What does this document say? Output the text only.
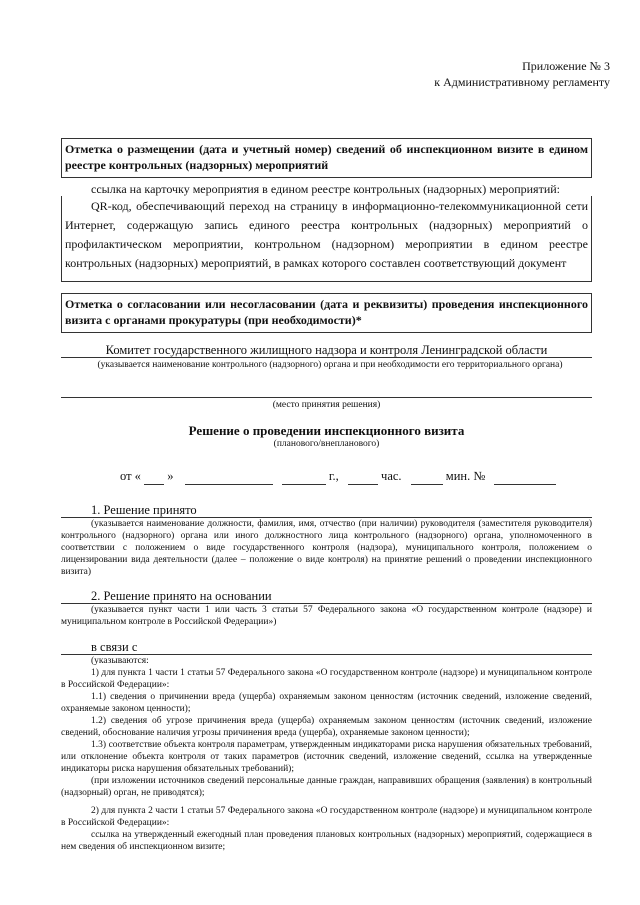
Приложение № 3
к Административному регламенту
Отметка о размещении (дата и учетный номер) сведений об инспекционном визите в едином реестре контрольных (надзорных) мероприятий
ссылка на карточку мероприятия в едином реестре контрольных (надзорных) мероприятий:
QR-код, обеспечивающий переход на страницу в информационно-телекоммуникационной сети Интернет, содержащую запись единого реестра контрольных (надзорных) мероприятий о профилактическом мероприятии, контрольном (надзорном) мероприятии в едином реестре контрольных (надзорных) мероприятий, в рамках которого составлен соответствующий документ
Отметка о согласовании или несогласовании (дата и реквизиты) проведения инспекционного визита с органами прокуратуры (при необходимости)*
Комитет государственного жилищного надзора и контроля Ленинградской области
(указывается наименование контрольного (надзорного) органа и при необходимости его территориального органа)
(место принятия решения)
Решение о проведении инспекционного визита
(планового/внепланового)
от « »	г.,	час.	мин. №
1. Решение принято
(указывается наименование должности, фамилия, имя, отчество (при наличии) руководителя (заместителя руководителя) контрольного (надзорного) органа или иного должностного лица контрольного (надзорного) органа, уполномоченного в соответствии с положением о виде государственного контроля (надзора), муниципального контроля, положением о лицензировании вида деятельности (далее – положение о виде контроля) на принятие решений о проведении инспекционного визита)
2. Решение принято на основании
(указывается пункт части 1 или часть 3 статьи 57 Федерального закона «О государственном контроле (надзоре) и муниципальном контроле в Российской Федерации»)
в связи с
(указываются:
1) для пункта 1 части 1 статьи 57 Федерального закона «О государственном контроле (надзоре) и муниципальном контроле в Российской Федерации»:
1.1) сведения о причинении вреда (ущерба) охраняемым законом ценностям (источник сведений, изложение сведений, охраняемые законом ценности);
1.2) сведения об угрозе причинения вреда (ущерба) охраняемым законом ценностям (источник сведений, изложение сведений, обоснование наличия угрозы причинения вреда (ущерба), охраняемые законом ценности);
1.3) соответствие объекта контроля параметрам, утвержденным индикаторами риска нарушения обязательных требований, или отклонение объекта контроля от таких параметров (источник сведений, изложение сведений, ссылка на утвержденные индикаторы риска нарушения обязательных требований);
(при изложении источников сведений персональные данные граждан, направивших обращения (заявления) в контрольный (надзорный) орган, не приводятся);
2) для пункта 2 части 1 статьи 57 Федерального закона «О государственном контроле (надзоре) и муниципальном контроле в Российской Федерации»:
ссылка на утвержденный ежегодный план проведения плановых контрольных (надзорных) мероприятий, содержащиеся в нем сведения об инспекционном визите;
